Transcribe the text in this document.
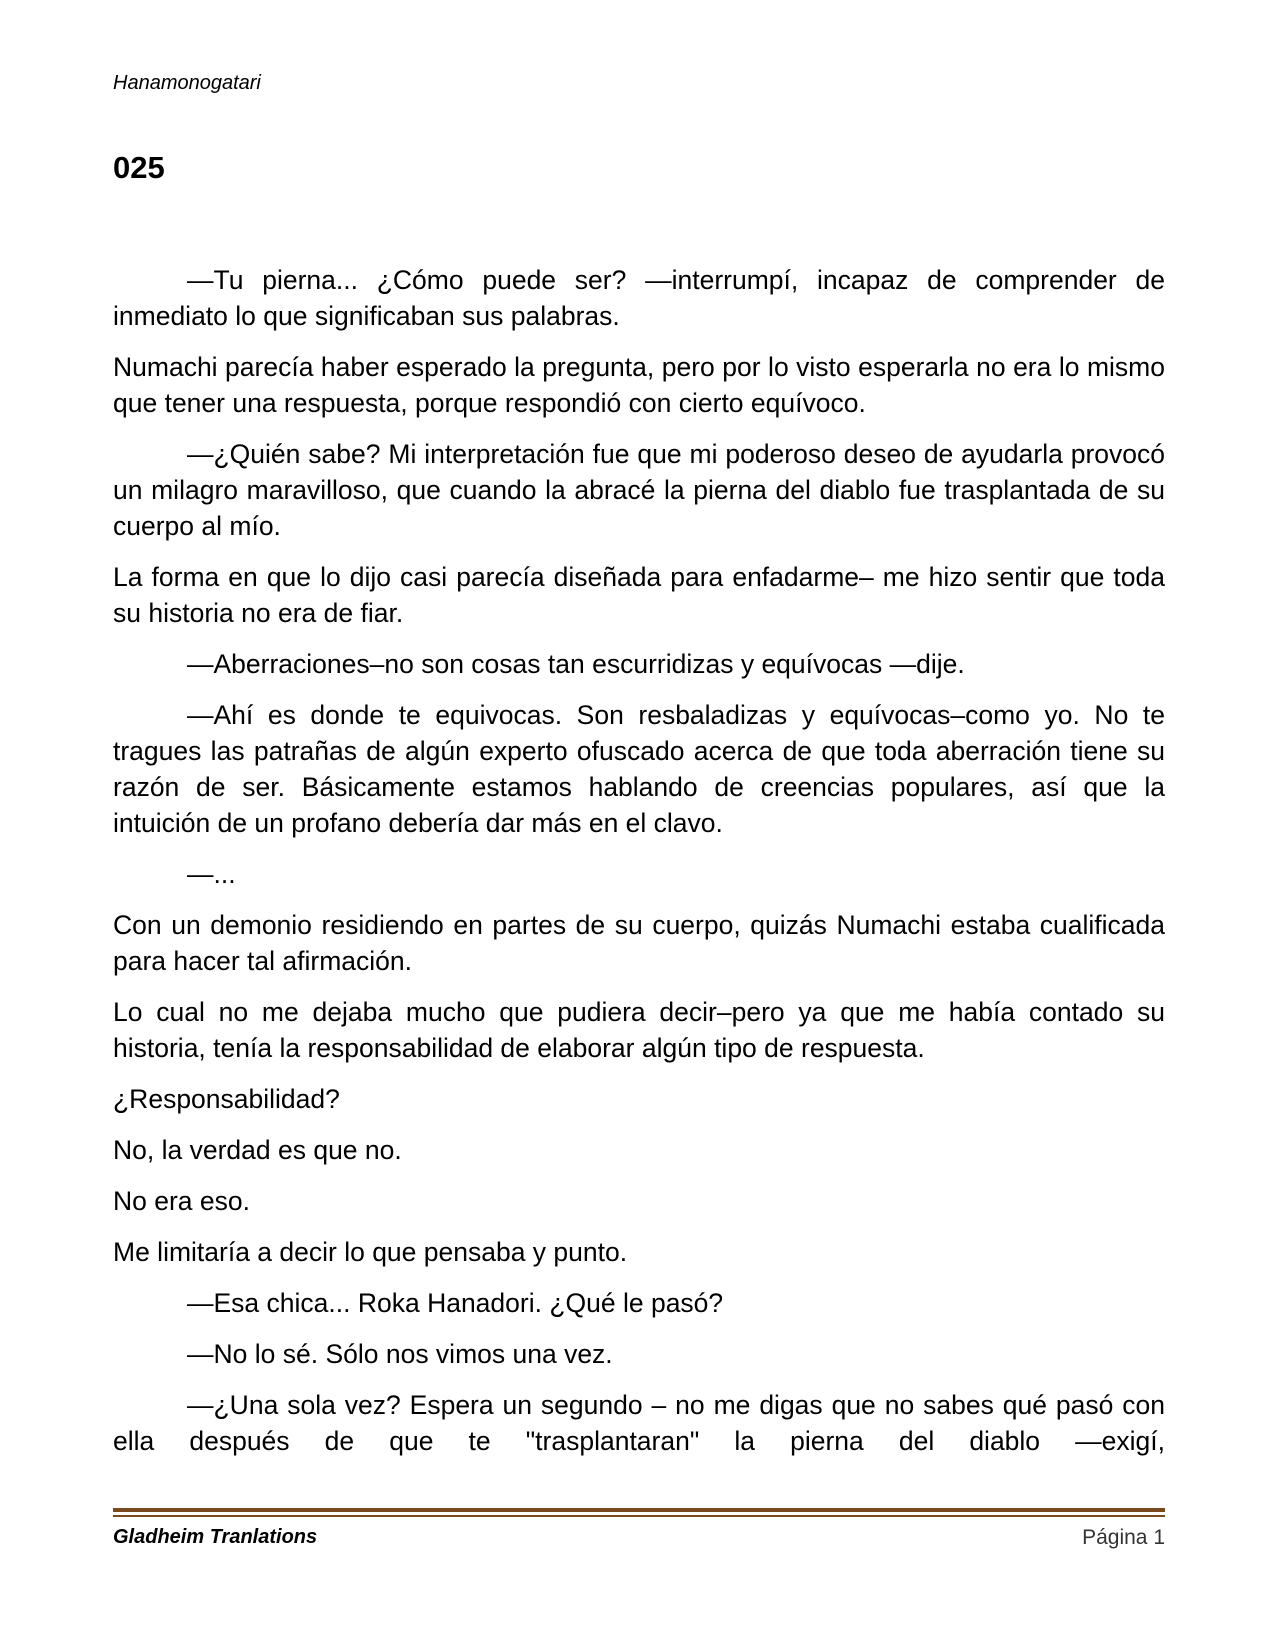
Hanamonogatari
025

—Tu pierna... ¿Cómo puede ser? —interrumpí, incapaz de comprender de inmediato lo que significaban sus palabras.

Numachi parecía haber esperado la pregunta, pero por lo visto esperarla no era lo mismo que tener una respuesta, porque respondió con cierto equívoco.

—¿Quién sabe? Mi interpretación fue que mi poderoso deseo de ayudarla provocó un milagro maravilloso, que cuando la abracé la pierna del diablo fue trasplantada de su cuerpo al mío.

La forma en que lo dijo casi parecía diseñada para enfadarme– me hizo sentir que toda su historia no era de fiar.

—Aberraciones–no son cosas tan escurridizas y equívocas —dije.

—Ahí es donde te equivocas. Son resbaladizas y equívocas–como yo. No te tragues las patrañas de algún experto ofuscado acerca de que toda aberración tiene su razón de ser. Básicamente estamos hablando de creencias populares, así que la intuición de un profano debería dar más en el clavo.

—...

Con un demonio residiendo en partes de su cuerpo, quizás Numachi estaba cualificada para hacer tal afirmación.

Lo cual no me dejaba mucho que pudiera decir–pero ya que me había contado su historia, tenía la responsabilidad de elaborar algún tipo de respuesta.

¿Responsabilidad?

No, la verdad es que no.

No era eso.

Me limitaría a decir lo que pensaba y punto.

—Esa chica... Roka Hanadori. ¿Qué le pasó?

—No lo sé. Sólo nos vimos una vez.

—¿Una sola vez? Espera un segundo – no me digas que no sabes qué pasó con ella después de que te "trasplantaran" la pierna del diablo —exigí,

Gladheim Tranlations	Página 1
